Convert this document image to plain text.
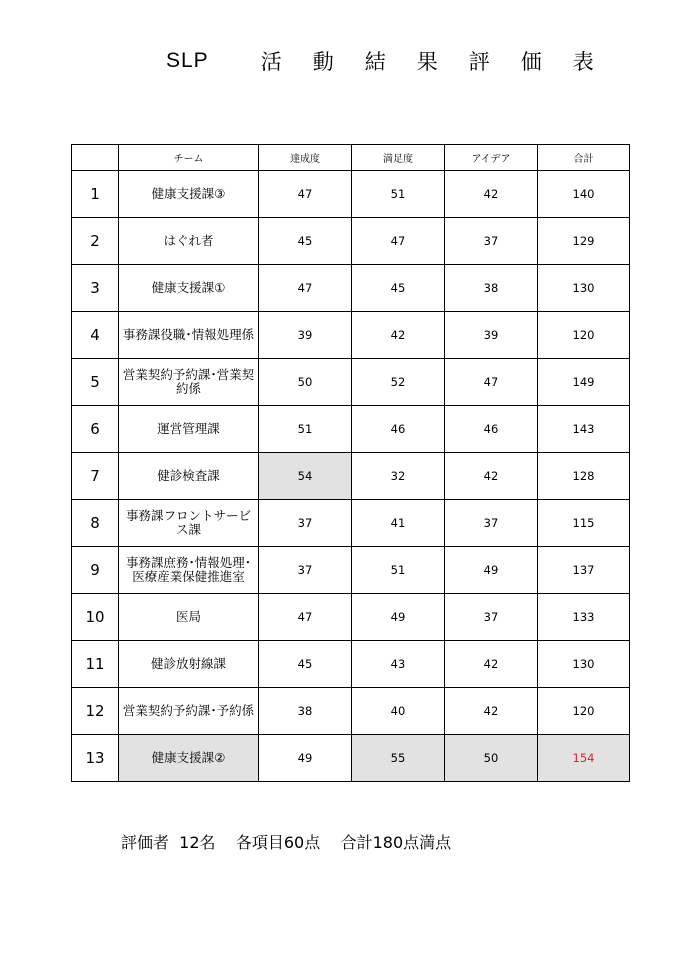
SLP 活 動 結 果 評 価 表
	チーム	達成度	満足度	アイデア	合計
1	健康支援課③	47	51	42	140
2	はぐれ者	45	47	37	129
3	健康支援課①	47	45	38	130
4	事務課役職･情報処理係	39	42	39	120
5	営業契約予約課･営業契約係	50	52	47	149
6	運営管理課	51	46	46	143
7	健診検査課	54	32	42	128
8	事務課フロントサービス課	37	41	37	115
9	事務課庶務･情報処理･医療産業保健推進室	37	51	49	137
10	医局	47	49	37	133
11	健診放射線課	45	43	42	130
12	営業契約予約課･予約係	38	40	42	120
13	健康支援課②	49	55	50	154
評価者  12名    各項目60点    合計180点満点
